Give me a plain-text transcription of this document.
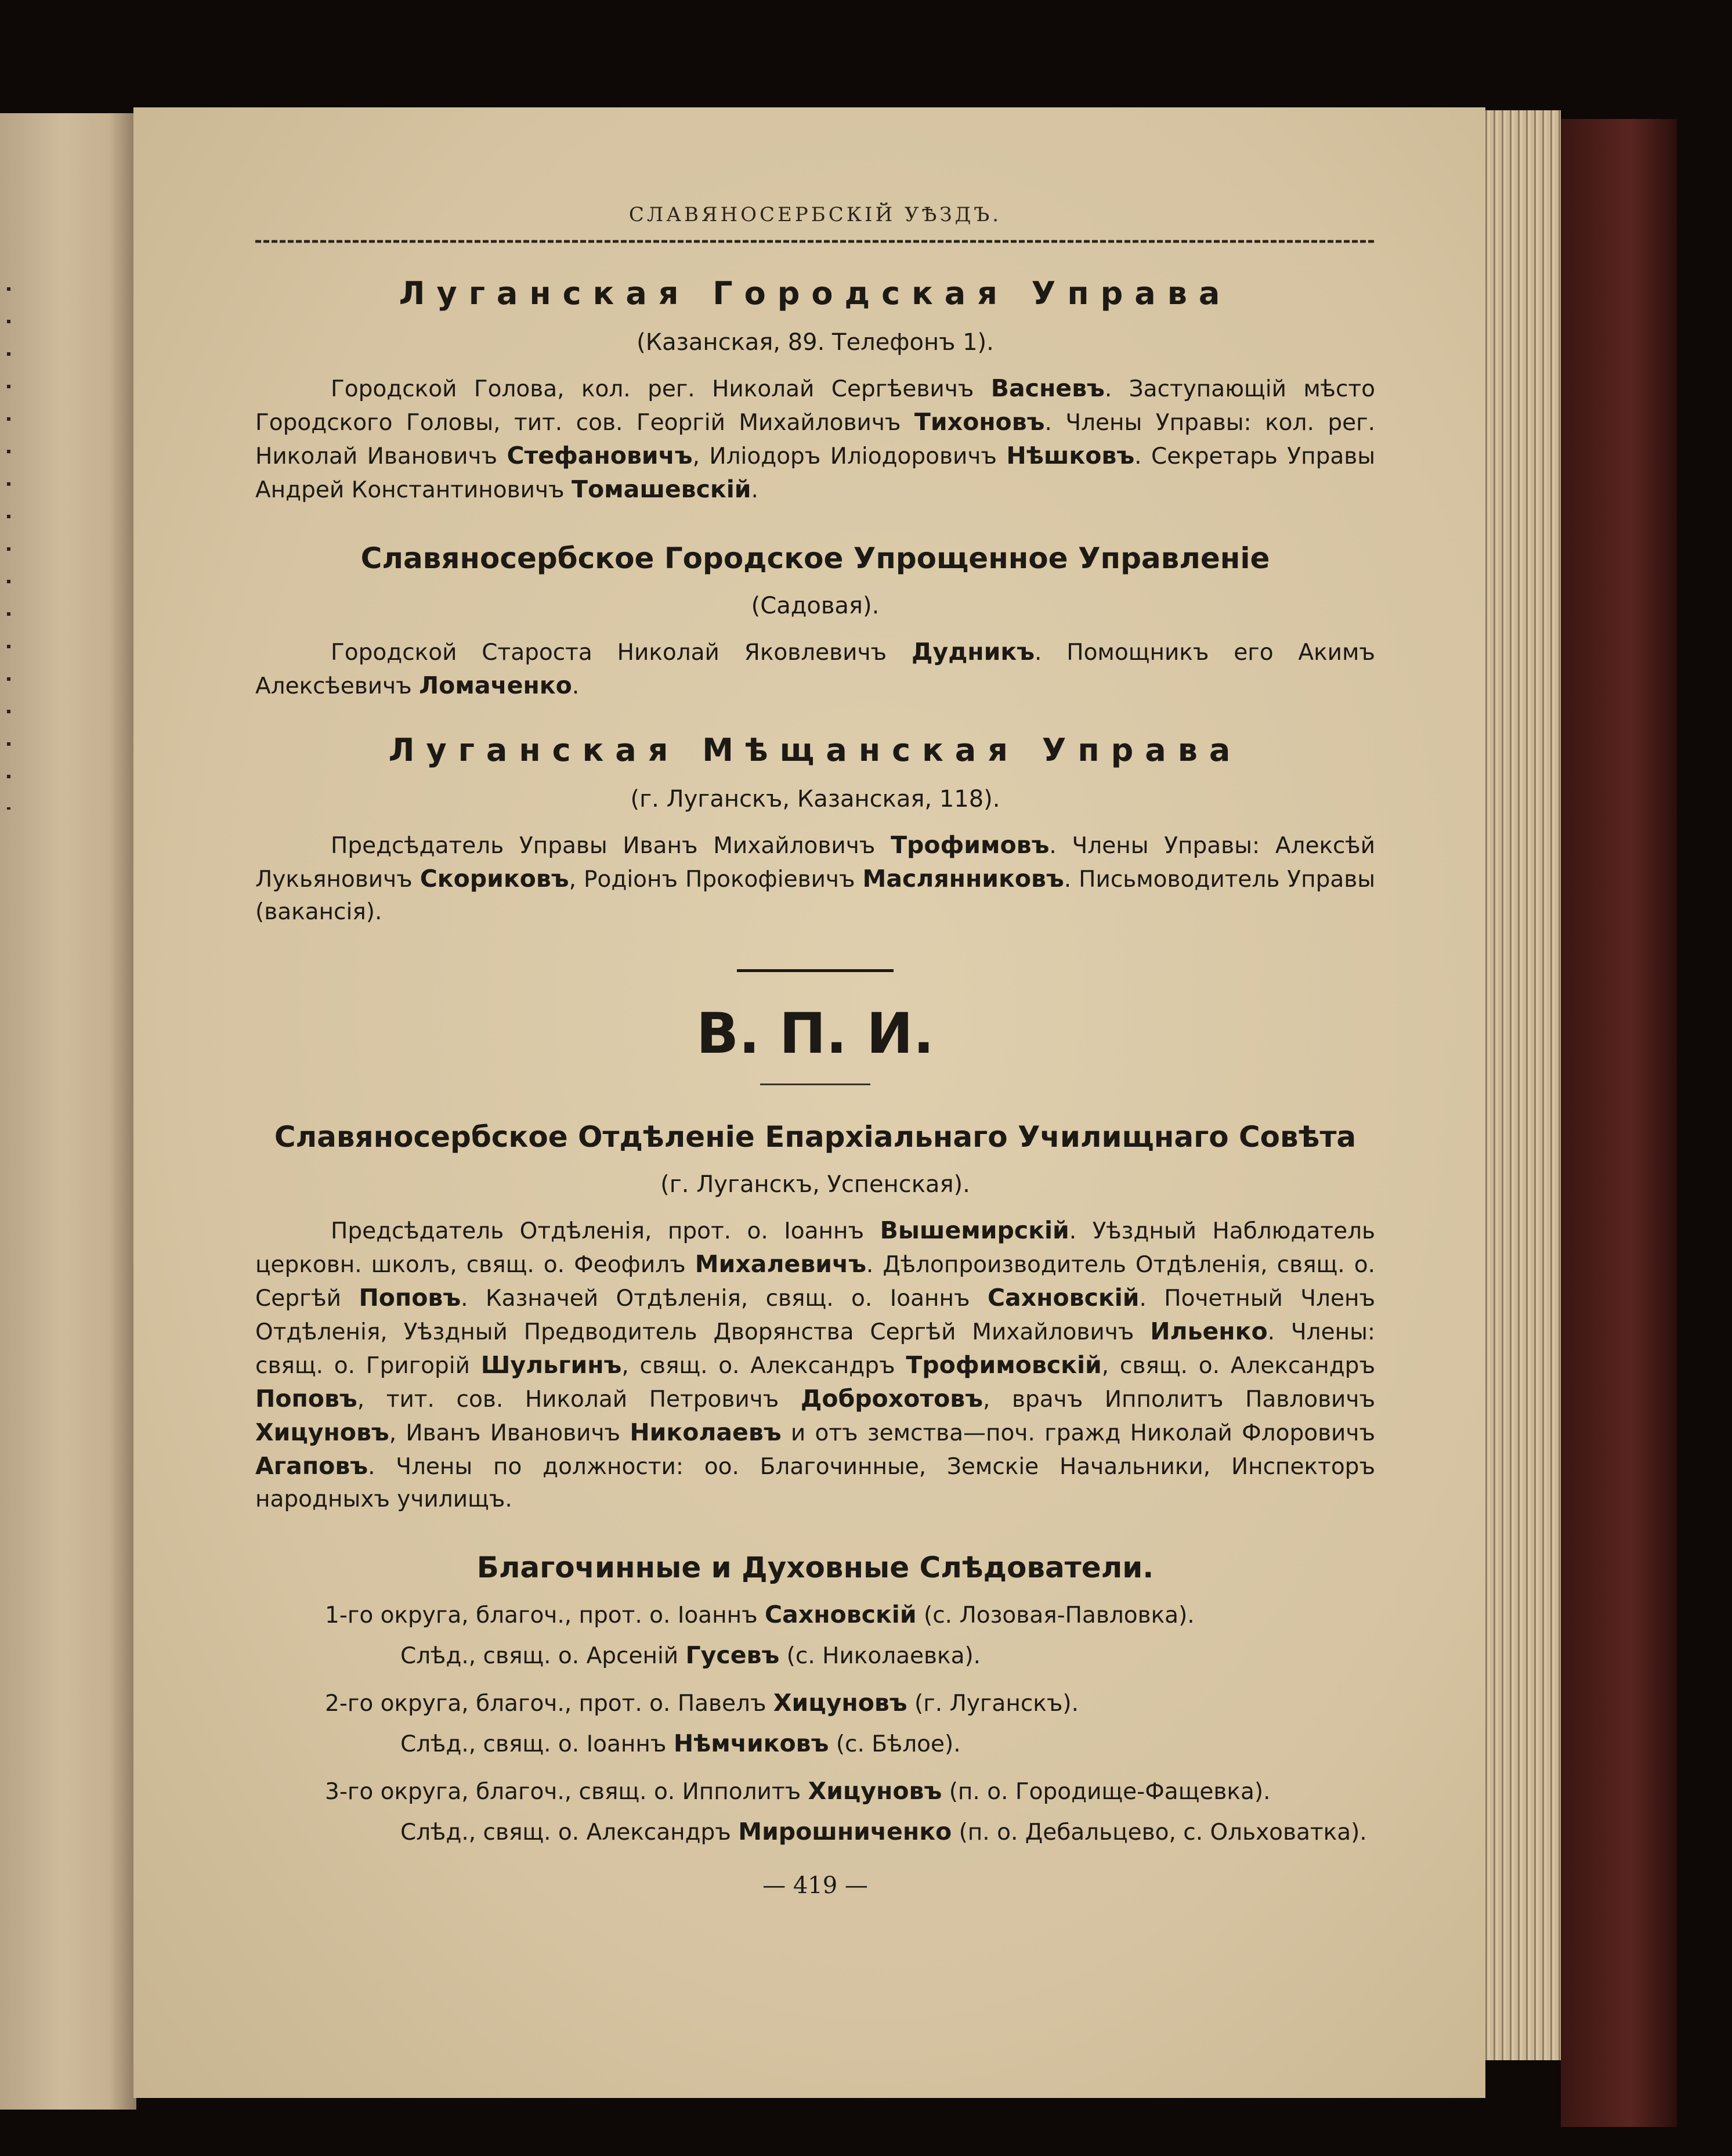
СЛАВЯНОСЕРБСКІЙ УѢЗДЪ.
Луганская Городская Управа
(Казанская, 89. Телефонъ 1).
Городской Голова, кол. рег. Николай Сергѣевичъ Васневъ. Заступающій мѣсто Городского Головы, тит. сов. Георгій Михайловичъ Тихоновъ. Члены Управы: кол. рег. Николай Ивановичъ Стефановичъ, Иліодоръ Иліодоровичъ Нѣшковъ. Секретарь Управы Андрей Константиновичъ Томашевскій.
Славяносербское Городское Упрощенное Управленіе
(Садовая).
Городской Староста Николай Яковлевичъ Дудникъ. Помощникъ его Акимъ Алексѣевичъ Ломаченко.
Луганская Мѣщанская Управа
(г. Луганскъ, Казанская, 118).
Предсѣдатель Управы Иванъ Михайловичъ Трофимовъ. Члены Управы: Алексѣй Лукьяновичъ Скориковъ, Родіонъ Прокофіевичъ Маслянниковъ. Письмоводитель Управы (вакансія).
В. П. И.
Славяносербское Отдѣленіе Епархіальнаго Училищнаго Совѣта
(г. Луганскъ, Успенская).
Предсѣдатель Отдѣленія, прот. о. Іоаннъ Вышемирскій. Уѣздный Наблюдатель церковн. школъ, свящ. о. Феофилъ Михалевичъ. Дѣлопроизводитель Отдѣленія, свящ. о. Сергѣй Поповъ. Казначей Отдѣленія, свящ. о. Іоаннъ Сахновскій. Почетный Членъ Отдѣленія, Уѣздный Предводитель Дворянства Сергѣй Михайловичъ Ильенко. Члены: свящ. о. Григорій Шульгинъ, свящ. о. Александръ Трофимовскій, свящ. о. Александръ Поповъ, тит. сов. Николай Петровичъ Доброхотовъ, врачъ Ипполитъ Павловичъ Хицуновъ, Иванъ Ивановичъ Николаевъ и отъ земства—поч. гражд Николай Флоровичъ Агаповъ. Члены по должности: оо. Благочинные, Земскіе Начальники, Инспекторъ народныхъ училищъ.
Благочинные и Духовные Слѣдователи.
1-го округа, благоч., прот. о. Іоаннъ Сахновскій (с. Лозовая-Павловка).
Слѣд., свящ. о. Арсеній Гусевъ (с. Николаевка).
2-го округа, благоч., прот. о. Павелъ Хицуновъ (г. Луганскъ).
Слѣд., свящ. о. Іоаннъ Нѣмчиковъ (с. Бѣлое).
3-го округа, благоч., свящ. о. Ипполитъ Хицуновъ (п. о. Городище-Фащевка).
Слѣд., свящ. о. Александръ Мирошниченко (п. о. Дебальцево, с. Ольховатка).
— 419 —
